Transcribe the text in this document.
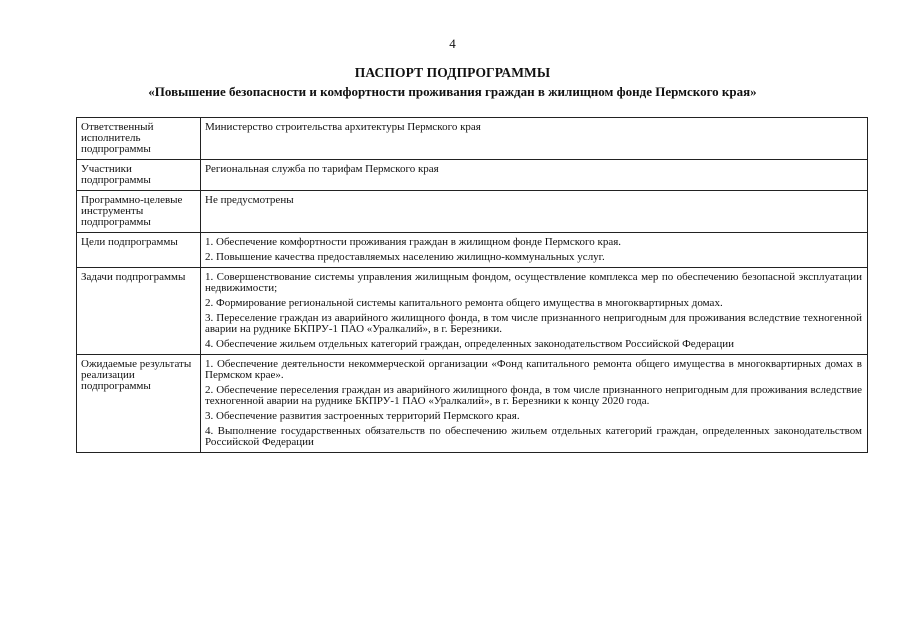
4
ПАСПОРТ ПОДПРОГРАММЫ
«Повышение безопасности и комфортности проживания граждан в жилищном фонде Пермского края»
Ответственный исполнитель подпрограммы	Министерство строительства архитектуры Пермского края

Участники подпрограммы	Региональная служба по тарифам Пермского края

Программно-целевые инструменты подпрограммы	Не предусмотрены

Цели подпрограммы	1. Обеспечение комфортности проживания граждан в жилищном фонде Пермского края.
2. Повышение качества предоставляемых населению жилищно-коммунальных услуг.

Задачи подпрограммы	1. Совершенствование системы управления жилищным фондом, осуществление комплекса мер по обеспечению безопасной эксплуатации недвижимости;
2. Формирование региональной системы капитального ремонта общего имущества в многоквартирных домах.
3. Переселение граждан из аварийного жилищного фонда, в том числе признанного непригодным для проживания вследствие техногенной аварии на руднике БКПРУ-1 ПАО «Уралкалий», в г. Березники.
4. Обеспечение жильем отдельных категорий граждан, определенных законодательством Российской Федерации

Ожидаемые результаты реализации подпрограммы	1. Обеспечение деятельности некоммерческой организации «Фонд капитального ремонта общего имущества в многоквартирных домах в Пермском крае».
2. Обеспечение переселения граждан из аварийного жилищного фонда, в том числе признанного непригодным для проживания вследствие техногенной аварии на руднике БКПРУ-1 ПАО «Уралкалий», в г. Березники к концу 2020 года.
3. Обеспечение развития застроенных территорий Пермского края.
4. Выполнение государственных обязательств по обеспечению жильем отдельных категорий граждан, определенных законодательством Российской Федерации
